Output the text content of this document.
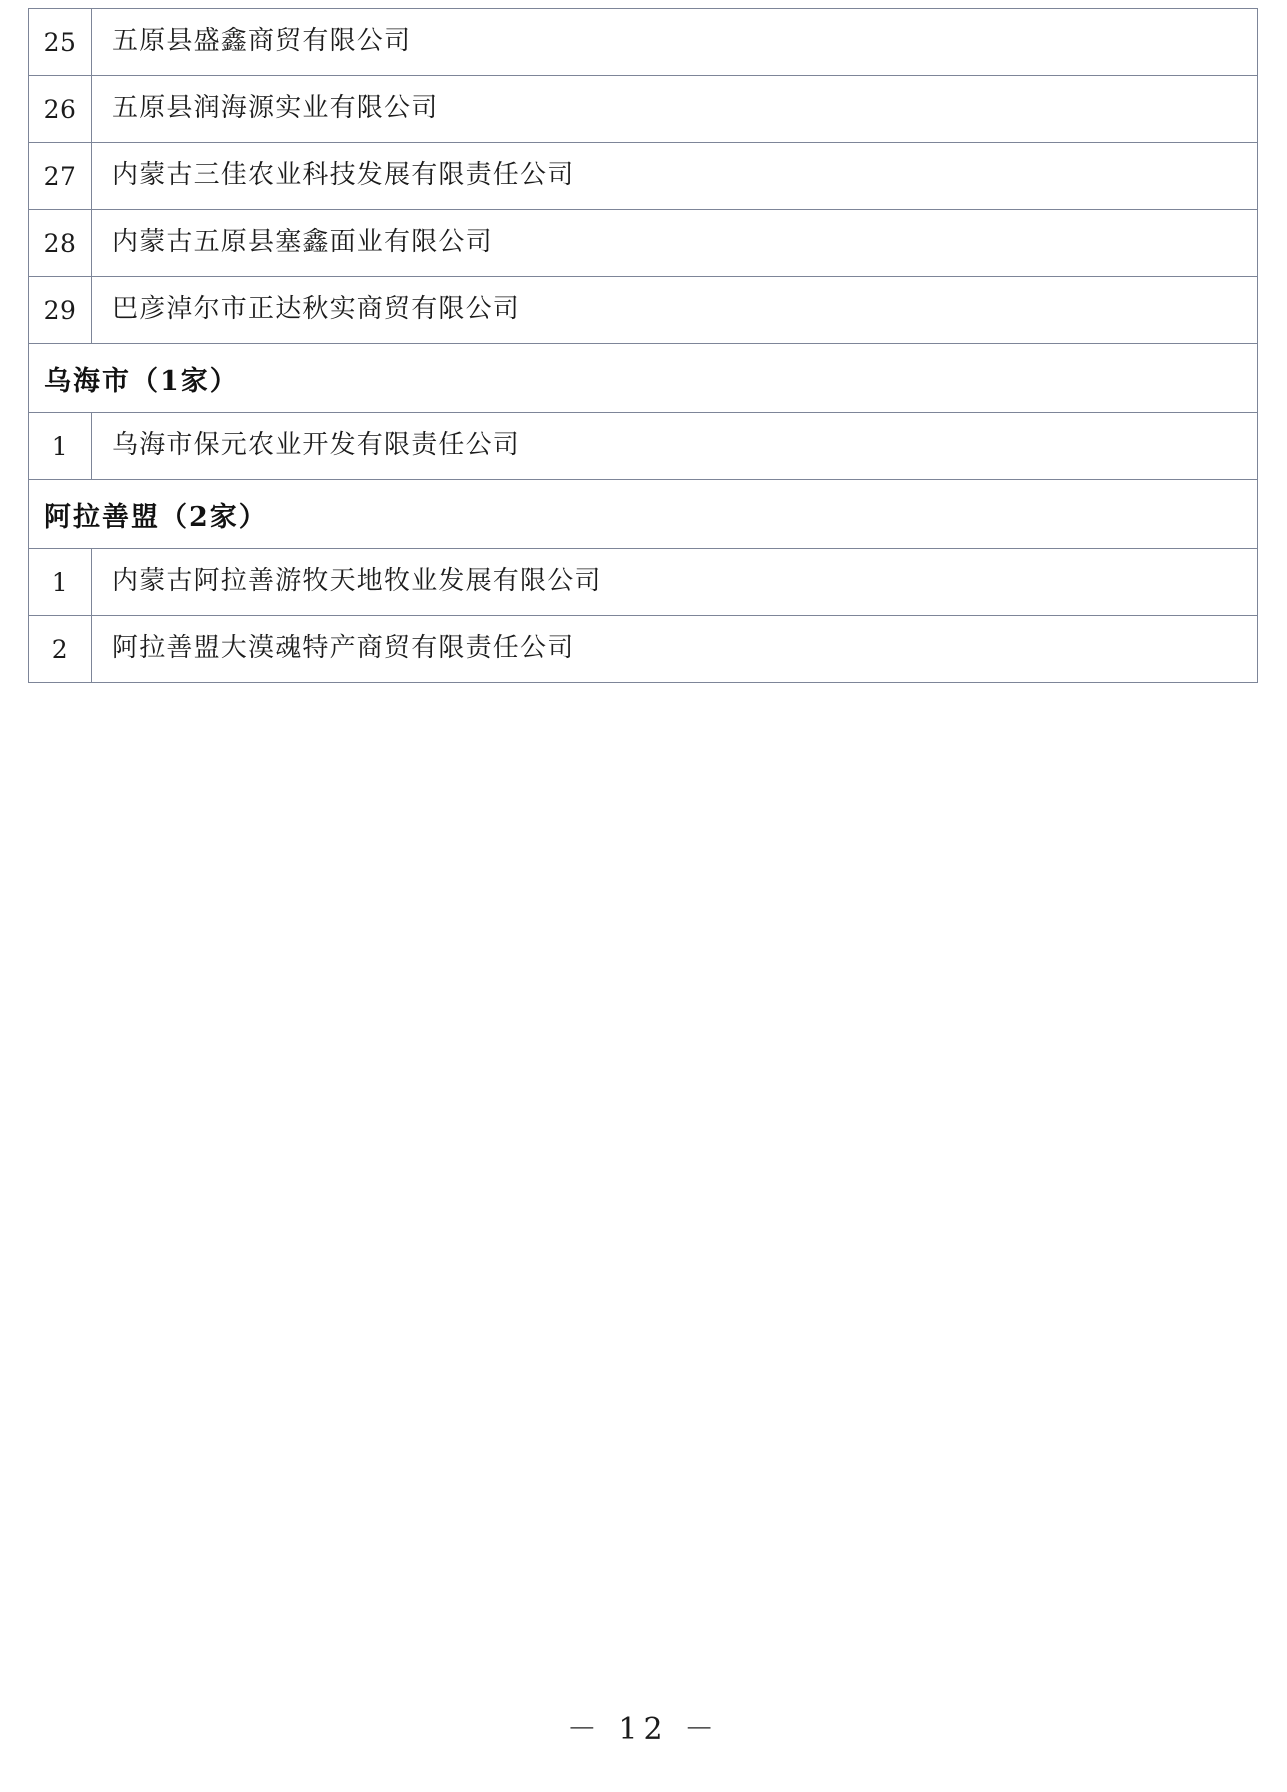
25	五原县盛鑫商贸有限公司
26	五原县润海源实业有限公司
27	内蒙古三佳农业科技发展有限责任公司
28	内蒙古五原县塞鑫面业有限公司
29	巴彦淖尔市正达秋实商贸有限公司
乌海市（1家）	
1	乌海市保元农业开发有限责任公司
阿拉善盟（2家）	
1	内蒙古阿拉善游牧天地牧业发展有限公司
2	阿拉善盟大漠魂特产商贸有限责任公司
－ 12 －
